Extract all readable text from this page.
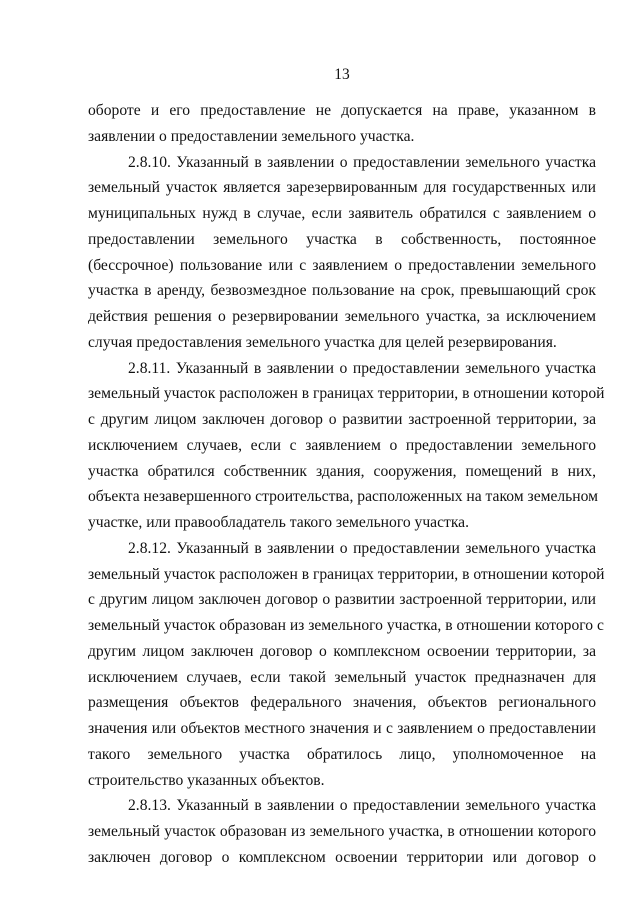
13
обороте и его предоставление не допускается на праве, указанном в
заявлении о предоставлении земельного участка.
2.8.10. Указанный в заявлении о предоставлении земельного участка
земельный участок является зарезервированным для государственных или
муниципальных нужд в случае, если заявитель обратился с заявлением о
предоставлении земельного участка в собственность, постоянное
(бессрочное) пользование или с заявлением о предоставлении земельного
участка в аренду, безвозмездное пользование на срок, превышающий срок
действия решения о резервировании земельного участка, за исключением
случая предоставления земельного участка для целей резервирования.
2.8.11. Указанный в заявлении о предоставлении земельного участка
земельный участок расположен в границах территории, в отношении которой
с другим лицом заключен договор о развитии застроенной территории, за
исключением случаев, если с заявлением о предоставлении земельного
участка обратился собственник здания, сооружения, помещений в них,
объекта незавершенного строительства, расположенных на таком земельном
участке, или правообладатель такого земельного участка.
2.8.12. Указанный в заявлении о предоставлении земельного участка
земельный участок расположен в границах территории, в отношении которой
с другим лицом заключен договор о развитии застроенной территории, или
земельный участок образован из земельного участка, в отношении которого с
другим лицом заключен договор о комплексном освоении территории, за
исключением случаев, если такой земельный участок предназначен для
размещения объектов федерального значения, объектов регионального
значения или объектов местного значения и с заявлением о предоставлении
такого земельного участка обратилось лицо, уполномоченное на
строительство указанных объектов.
2.8.13. Указанный в заявлении о предоставлении земельного участка
земельный участок образован из земельного участка, в отношении которого
заключен договор о комплексном освоении территории или договор о
